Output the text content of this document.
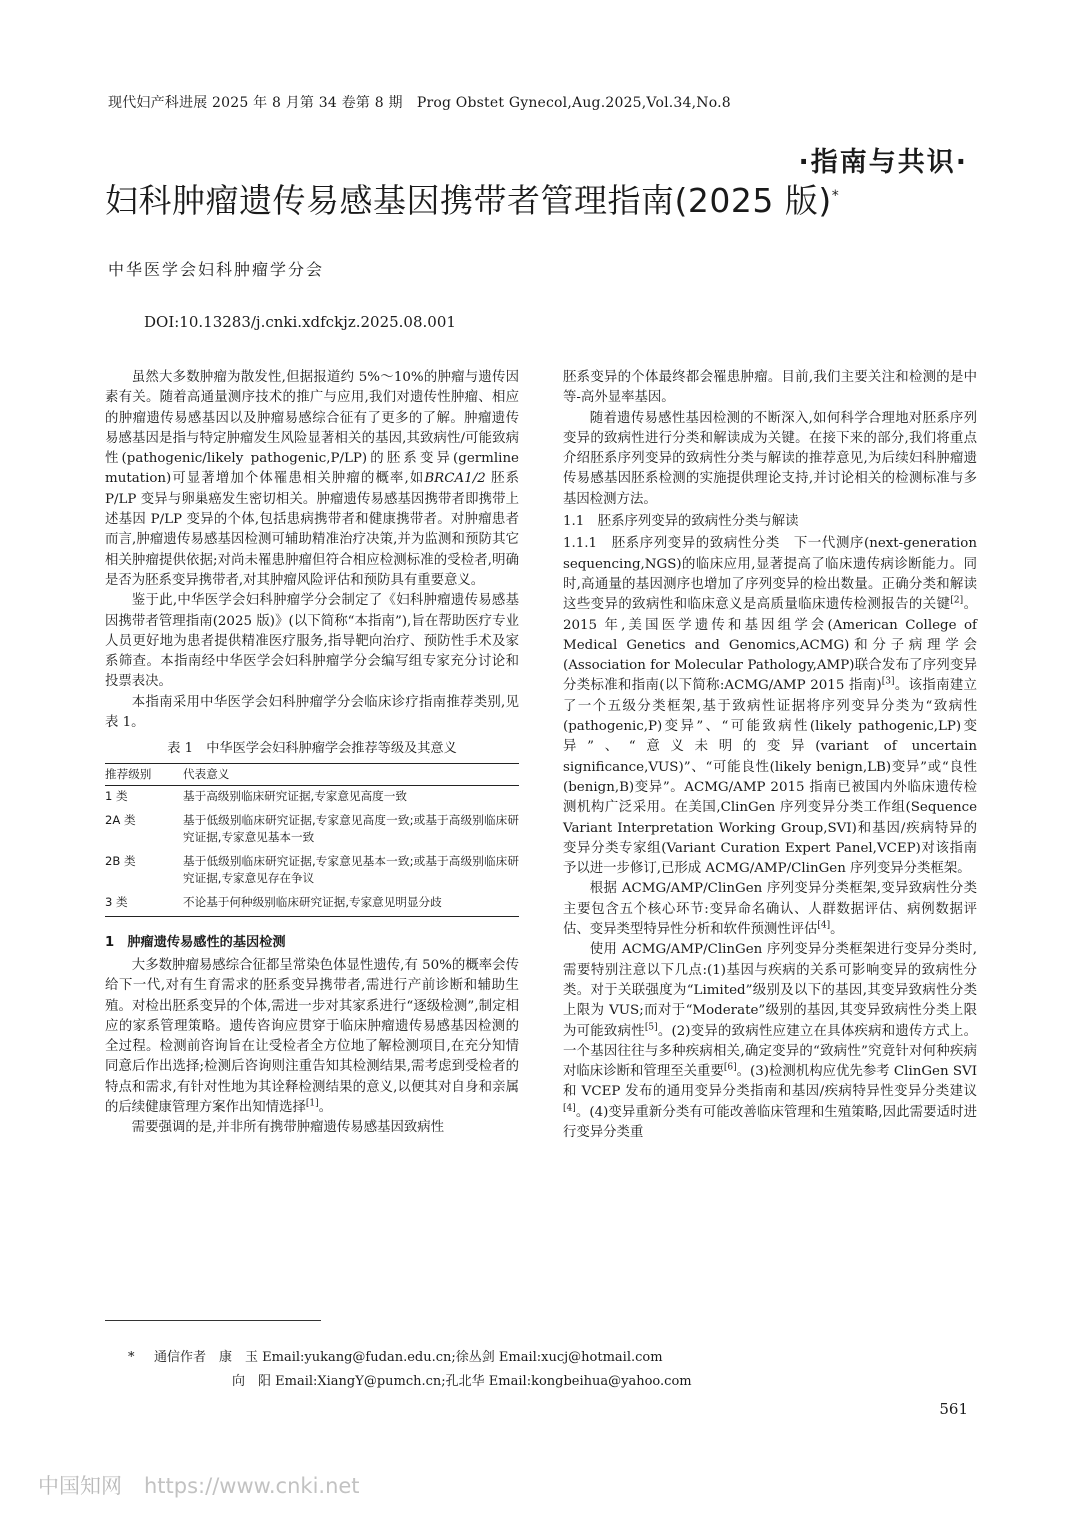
现代妇产科进展 2025 年 8 月第 34 卷第 8 期　Prog Obstet Gynecol,Aug.2025,Vol.34,No.8
·指南与共识·
妇科肿瘤遗传易感基因携带者管理指南(2025 版)*
中华医学会妇科肿瘤学分会
DOI:10.13283/j.cnki.xdfckjz.2025.08.001

虽然大多数肿瘤为散发性,但据报道约 5%～10%的肿瘤与遗传因素有关。随着高通量测序技术的推广与应用,我们对遗传性肿瘤、相应的肿瘤遗传易感基因以及肿瘤易感综合征有了更多的了解。肿瘤遗传易感基因是指与特定肿瘤发生风险显著相关的基因,其致病性/可能致病性(pathogenic/likely pathogenic,P/LP)的胚系变异(germline mutation)可显著增加个体罹患相关肿瘤的概率,如BRCA1/2 胚系 P/LP 变异与卵巢癌发生密切相关。肿瘤遗传易感基因携带者即携带上述基因 P/LP 变异的个体,包括患病携带者和健康携带者。对肿瘤患者而言,肿瘤遗传易感基因检测可辅助精准治疗决策,并为监测和预防其它相关肿瘤提供依据;对尚未罹患肿瘤但符合相应检测标准的受检者,明确是否为胚系变异携带者,对其肿瘤风险评估和预防具有重要意义。

鉴于此,中华医学会妇科肿瘤学分会制定了《妇科肿瘤遗传易感基因携带者管理指南(2025 版)》(以下简称“本指南”),旨在帮助医疗专业人员更好地为患者提供精准医疗服务,指导靶向治疗、预防性手术及家系筛查。本指南经中华医学会妇科肿瘤学分会编写组专家充分讨论和投票表决。

本指南采用中华医学会妇科肿瘤学分会临床诊疗指南推荐类别,见表 1。

表 1　中华医学会妇科肿瘤学会推荐等级及其意义
推荐级别	代表意义
1 类	基于高级别临床研究证据,专家意见高度一致
2A 类	基于低级别临床研究证据,专家意见高度一致;或基于高级别临床研究证据,专家意见基本一致
2B 类	基于低级别临床研究证据,专家意见基本一致;或基于高级别临床研究证据,专家意见存在争议
3 类	不论基于何种级别临床研究证据,专家意见明显分歧
1　肿瘤遗传易感性的基因检测

大多数肿瘤易感综合征都呈常染色体显性遗传,有 50%的概率会传给下一代,对有生育需求的胚系变异携带者,需进行产前诊断和辅助生殖。对检出胚系变异的个体,需进一步对其家系进行“逐级检测”,制定相应的家系管理策略。遗传咨询应贯穿于临床肿瘤遗传易感基因检测的全过程。检测前咨询旨在让受检者全方位地了解检测项目,在充分知情同意后作出选择;检测后咨询则注重告知其检测结果,需考虑到受检者的特点和需求,有针对性地为其诠释检测结果的意义,以便其对自身和亲属的后续健康管理方案作出知情选择[1]。

需要强调的是,并非所有携带肿瘤遗传易感基因致病性

胚系变异的个体最终都会罹患肿瘤。目前,我们主要关注和检测的是中等-高外显率基因。

随着遗传易感性基因检测的不断深入,如何科学合理地对胚系序列变异的致病性进行分类和解读成为关键。在接下来的部分,我们将重点介绍胚系序列变异的致病性分类与解读的推荐意见,为后续妇科肿瘤遗传易感基因胚系检测的实施提供理论支持,并讨论相关的检测标准与多基因检测方法。

1.1　胚系序列变异的致病性分类与解读

1.1.1　胚系序列变异的致病性分类　下一代测序(next-generation sequencing,NGS)的临床应用,显著提高了临床遗传病诊断能力。同时,高通量的基因测序也增加了序列变异的检出数量。正确分类和解读这些变异的致病性和临床意义是高质量临床遗传检测报告的关键[2]。2015 年,美国医学遗传和基因组学会(American College of Medical Genetics and Genomics,ACMG)和分子病理学会(Association for Molecular Pathology,AMP)联合发布了序列变异分类标准和指南(以下简称:ACMG/AMP 2015 指南)[3]。该指南建立了一个五级分类框架,基于致病性证据将序列变异分类为“致病性(pathogenic,P)变异”、“可能致病性(likely pathogenic,LP)变异”、“意义未明的变异(variant of uncertain significance,VUS)”、“可能良性(likely benign,LB)变异”或“良性(benign,B)变异”。ACMG/AMP 2015 指南已被国内外临床遗传检测机构广泛采用。在美国,ClinGen 序列变异分类工作组(Sequence Variant Interpretation Working Group,SVI)和基因/疾病特异的变异分类专家组(Variant Curation Expert Panel,VCEP)对该指南予以进一步修订,已形成 ACMG/AMP/ClinGen 序列变异分类框架。

根据 ACMG/AMP/ClinGen 序列变异分类框架,变异致病性分类主要包含五个核心环节:变异命名确认、人群数据评估、病例数据评估、变异类型特异性分析和软件预测性评估[4]。

使用 ACMG/AMP/ClinGen 序列变异分类框架进行变异分类时,需要特别注意以下几点:(1)基因与疾病的关系可影响变异的致病性分类。对于关联强度为“Limited”级别及以下的基因,其变异致病性分类上限为 VUS;而对于“Moderate”级别的基因,其变异致病性分类上限为可能致病性[5]。(2)变异的致病性应建立在具体疾病和遗传方式上。一个基因往往与多种疾病相关,确定变异的“致病性”究竟针对何种疾病对临床诊断和管理至关重要[6]。(3)检测机构应优先参考 ClinGen SVI 和 VCEP 发布的通用变异分类指南和基因/疾病特异性变异分类建议[4]。(4)变异重新分类有可能改善临床管理和生殖策略,因此需要适时进行变异分类重

* 通信作者　康　玉 Email:yukang@fudan.edu.cn;徐丛剑 Email:xucj@hotmail.com
向　阳 Email:XiangY@pumch.cn;孔北华 Email:kongbeihua@yahoo.com
561
中国知网 https://www.cnki.net
